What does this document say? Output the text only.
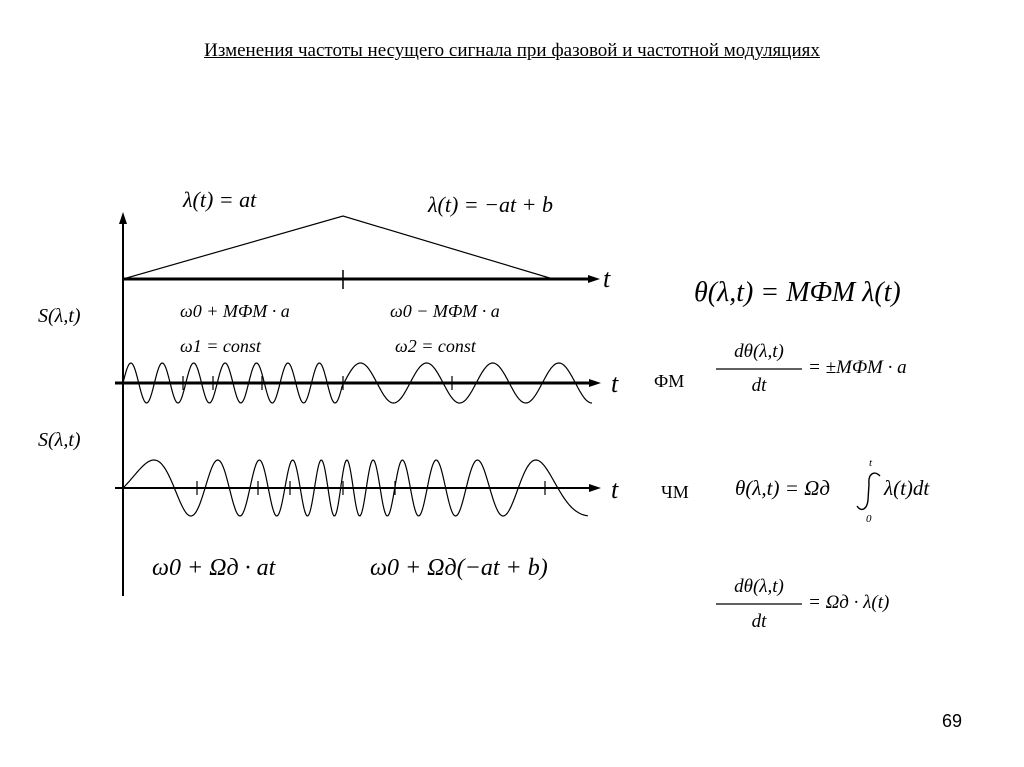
Изменения частоты несущего сигнала при фазовой и частотной модуляциях
t
t
t
λ(t) = at	λ(t) = −at + b
S(λ,t)
S(λ,t)
ω0 + MФМ · a	ω0 − MФМ · a
ω1 = const	ω2 = const
ω0 + Ωд · at	ω0 + Ωд(−at + b)
θ(λ,t) = MФМ λ(t)
ФМ
dθ(λ,t)
dt
= ±MФМ · a
ЧМ θ(λ,t) = Ωд
t
0
λ(t)dt
dθ(λ,t)
dt
= Ωд · λ(t)
69
